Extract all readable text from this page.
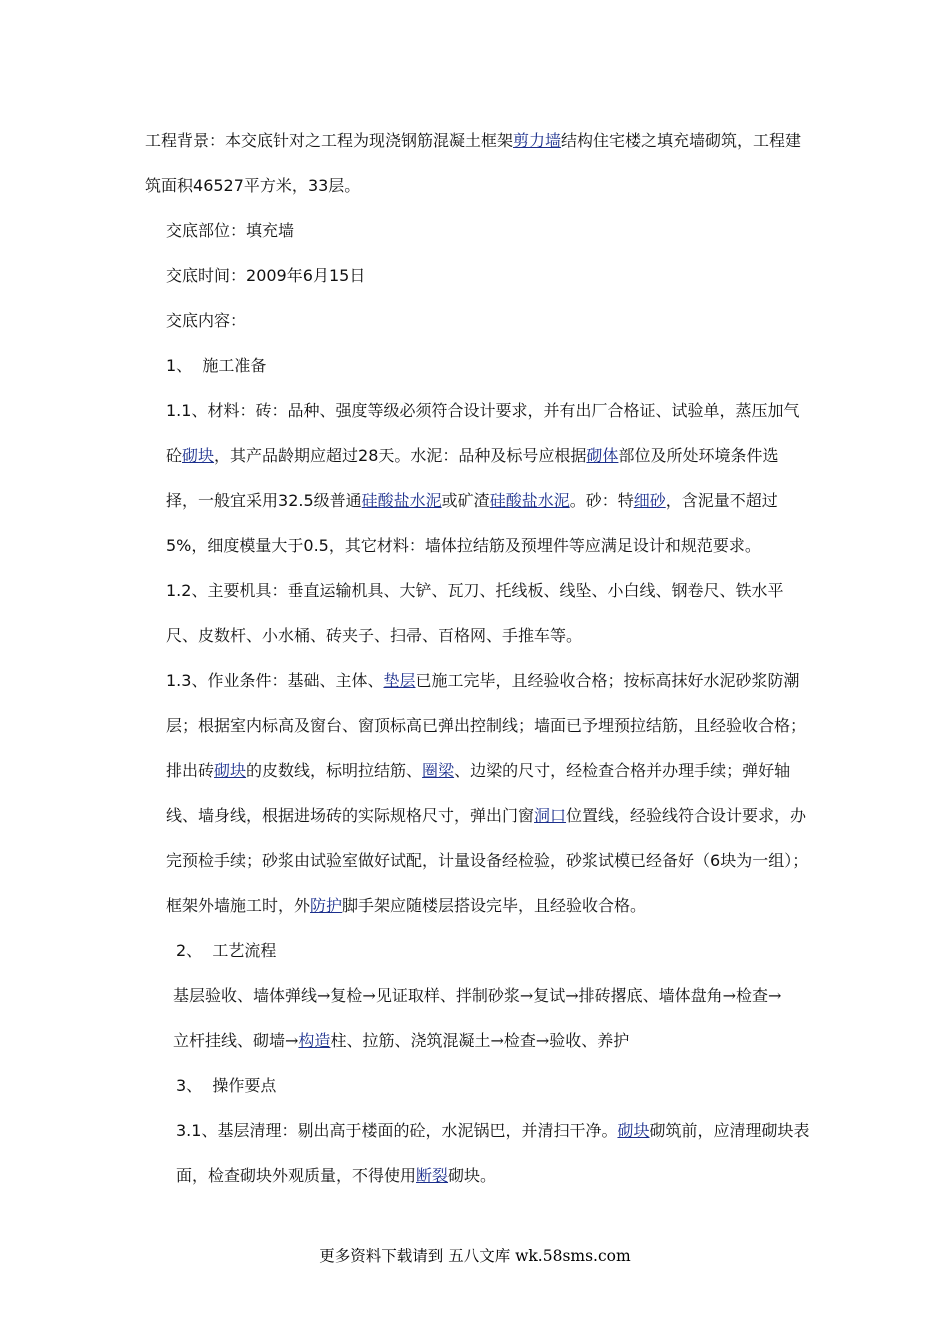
工程背景：本交底针对之工程为现浇钢筋混凝土框架剪力墙结构住宅楼之填充墙砌筑，工程建筑面积46527平方米，33层。

交底部位：填充墙

交底时间：2009年6月15日

交底内容：

1、 施工准备

1.1、材料：砖：品种、强度等级必须符合设计要求，并有出厂合格证、试验单，蒸压加气砼砌块，其产品龄期应超过28天。水泥：品种及标号应根据砌体部位及所处环境条件选择，一般宜采用32.5级普通硅酸盐水泥或矿渣硅酸盐水泥。砂：特细砂，含泥量不超过5%，细度模量大于0.5，其它材料：墙体拉结筋及预埋件等应满足设计和规范要求。

1.2、主要机具：垂直运输机具、大铲、瓦刀、托线板、线坠、小白线、钢卷尺、铁水平尺、皮数杆、小水桶、砖夹子、扫帚、百格网、手推车等。

1.3、作业条件：基础、主体、垫层已施工完毕，且经验收合格；按标高抹好水泥砂浆防潮层；根据室内标高及窗台、窗顶标高已弹出控制线；墙面已予埋预拉结筋，且经验收合格；排出砖砌块的皮数线，标明拉结筋、圈梁、边梁的尺寸，经检查合格并办理手续；弹好轴线、墙身线，根据进场砖的实际规格尺寸，弹出门窗洞口位置线，经验线符合设计要求，办完预检手续；砂浆由试验室做好试配，计量设备经检验，砂浆试模已经备好（6块为一组）；框架外墙施工时，外防护脚手架应随楼层搭设完毕，且经验收合格。

2、 工艺流程

基层验收、墙体弹线→复检→见证取样、拌制砂浆→复试→排砖撂底、墙体盘角→检查→　立杆挂线、砌墙→构造柱、拉筋、浇筑混凝土→检查→验收、养护

3、 操作要点

3.1、基层清理：剔出高于楼面的砼，水泥锅巴，并清扫干净。砌块砌筑前，应清理砌块表面，检查砌块外观质量，不得使用断裂砌块。

更多资料下载请到 五八文库 wk.58sms.com
